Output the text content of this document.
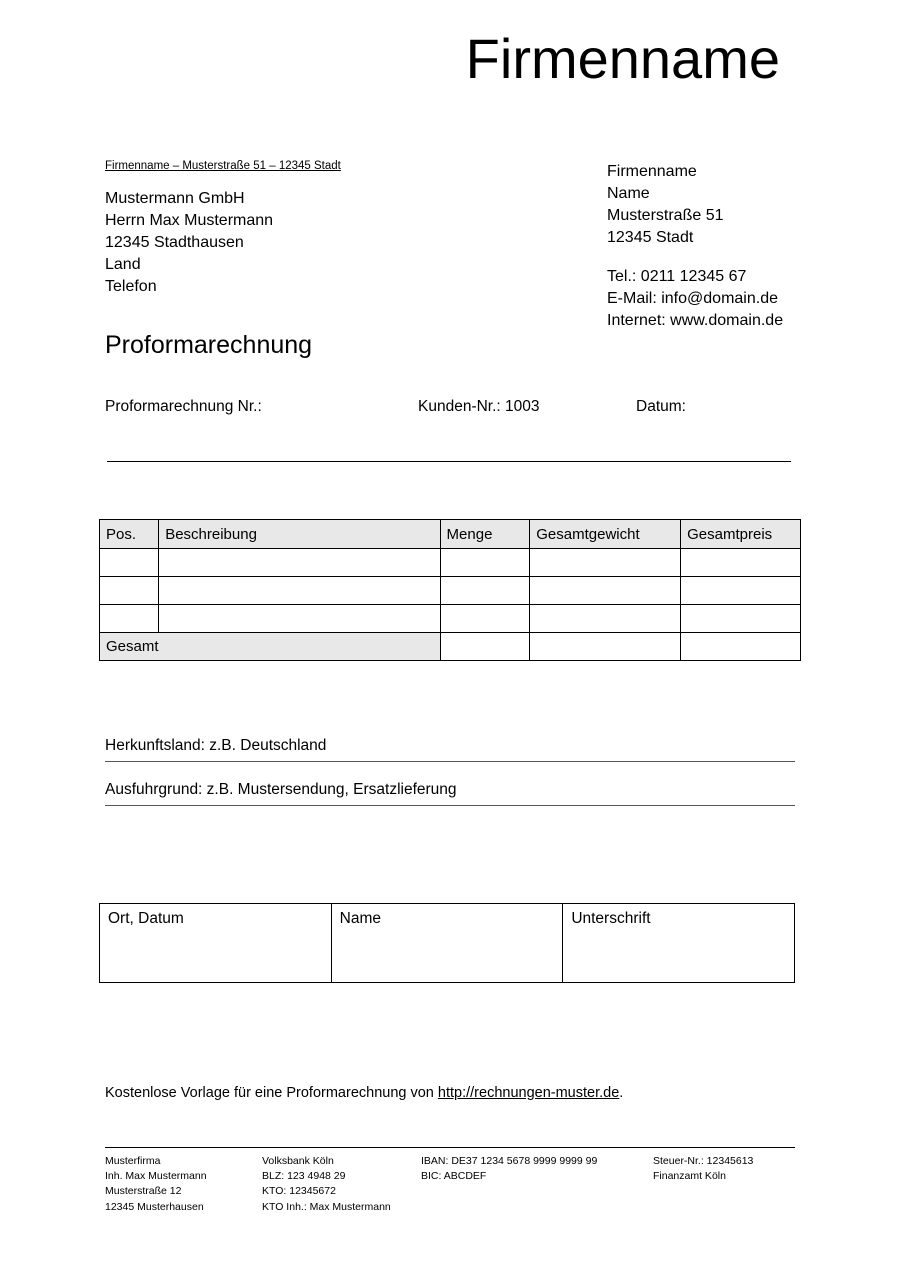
Firmenname
Firmenname – Musterstraße 51 – 12345 Stadt
Mustermann GmbH
Herrn Max Mustermann
12345 Stadthausen
Land
Telefon
Firmenname
Name
Musterstraße 51
12345 Stadt
Tel.: 0211 12345 67
E-Mail: info@domain.de
Internet: www.domain.de
Proformarechnung
Proformarechnung Nr.:	Kunden-Nr.: 1003	Datum:
Pos.	Beschreibung	Menge	Gesamtgewicht	Gesamtpreis

Gesamt				
Herkunftsland: z.B. Deutschland
Ausfuhrgrund: z.B. Mustersendung, Ersatzlieferung
Ort, Datum	Name	Unterschrift
Kostenlose Vorlage für eine Proformarechnung von http://rechnungen-muster.de.
Musterfirma
Inh. Max Mustermann
Musterstraße 12
12345 Musterhausen
Volksbank Köln
BLZ: 123 4948 29
KTO: 12345672
KTO Inh.: Max Mustermann
IBAN: DE37 1234 5678 9999 9999 99
BIC: ABCDEF
Steuer-Nr.: 12345613
Finanzamt Köln
